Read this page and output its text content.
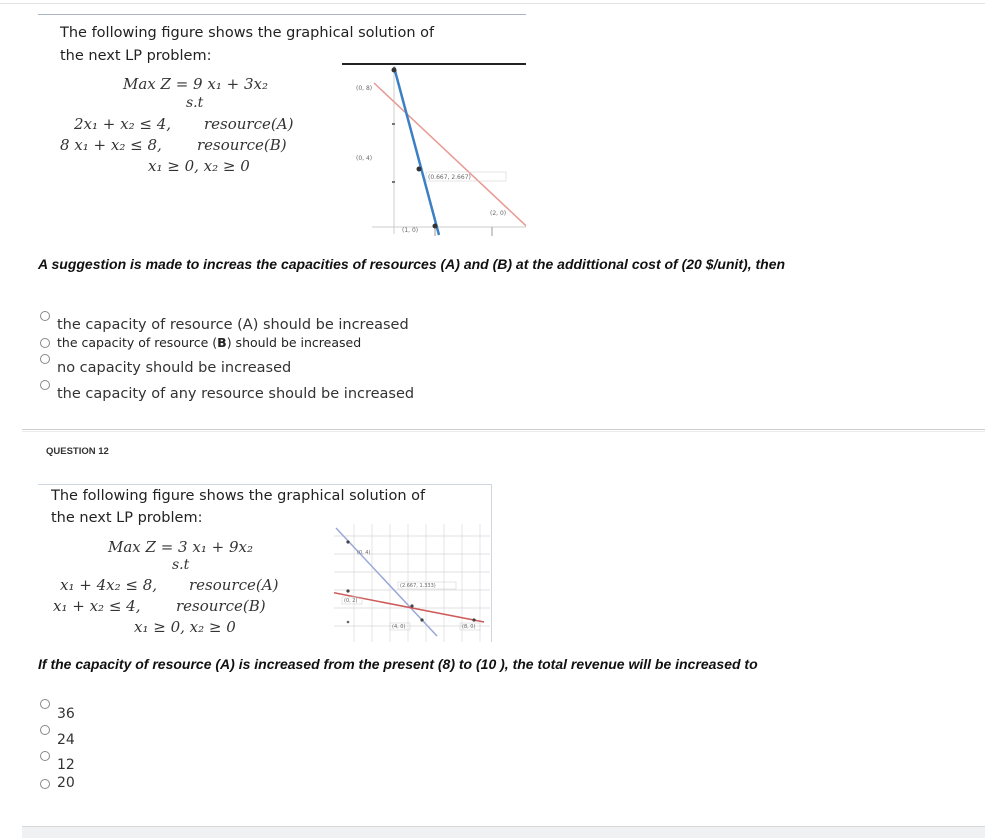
The following figure shows the graphical solution of
the next LP problem:
Max Z = 9 x₁ + 3x₂
s.t
2x₁ + x₂ ≤ 4, resource(A)
8 x₁ + x₂ ≤ 8, resource(B)
x₁ ≥ 0, x₂ ≥ 0
(0, 8)
(0, 4)
(0.667, 2.667)
(2, 0)
(1, 0)
A suggestion is made to increas the capacities of resources (A) and (B) at the addittional cost of (20 $/unit), then
the capacity of resource (A) should be increased
the capacity of resource (B) should be increased
no capacity should be increased
the capacity of any resource should be increased
QUESTION 12
The following figure shows the graphical solution of
the next LP problem:
Max Z = 3 x₁ + 9x₂
s.t
x₁ + 4x₂ ≤ 8, resource(A)
x₁ + x₂ ≤ 4, resource(B)
x₁ ≥ 0, x₂ ≥ 0
(0, 4)
(2.667, 1.333)
(0, 2)
(4, 0)	(8, 0)
If the capacity of resource (A) is increased from the present (8) to (10 ), the total revenue will be increased to
36
24
12
20
